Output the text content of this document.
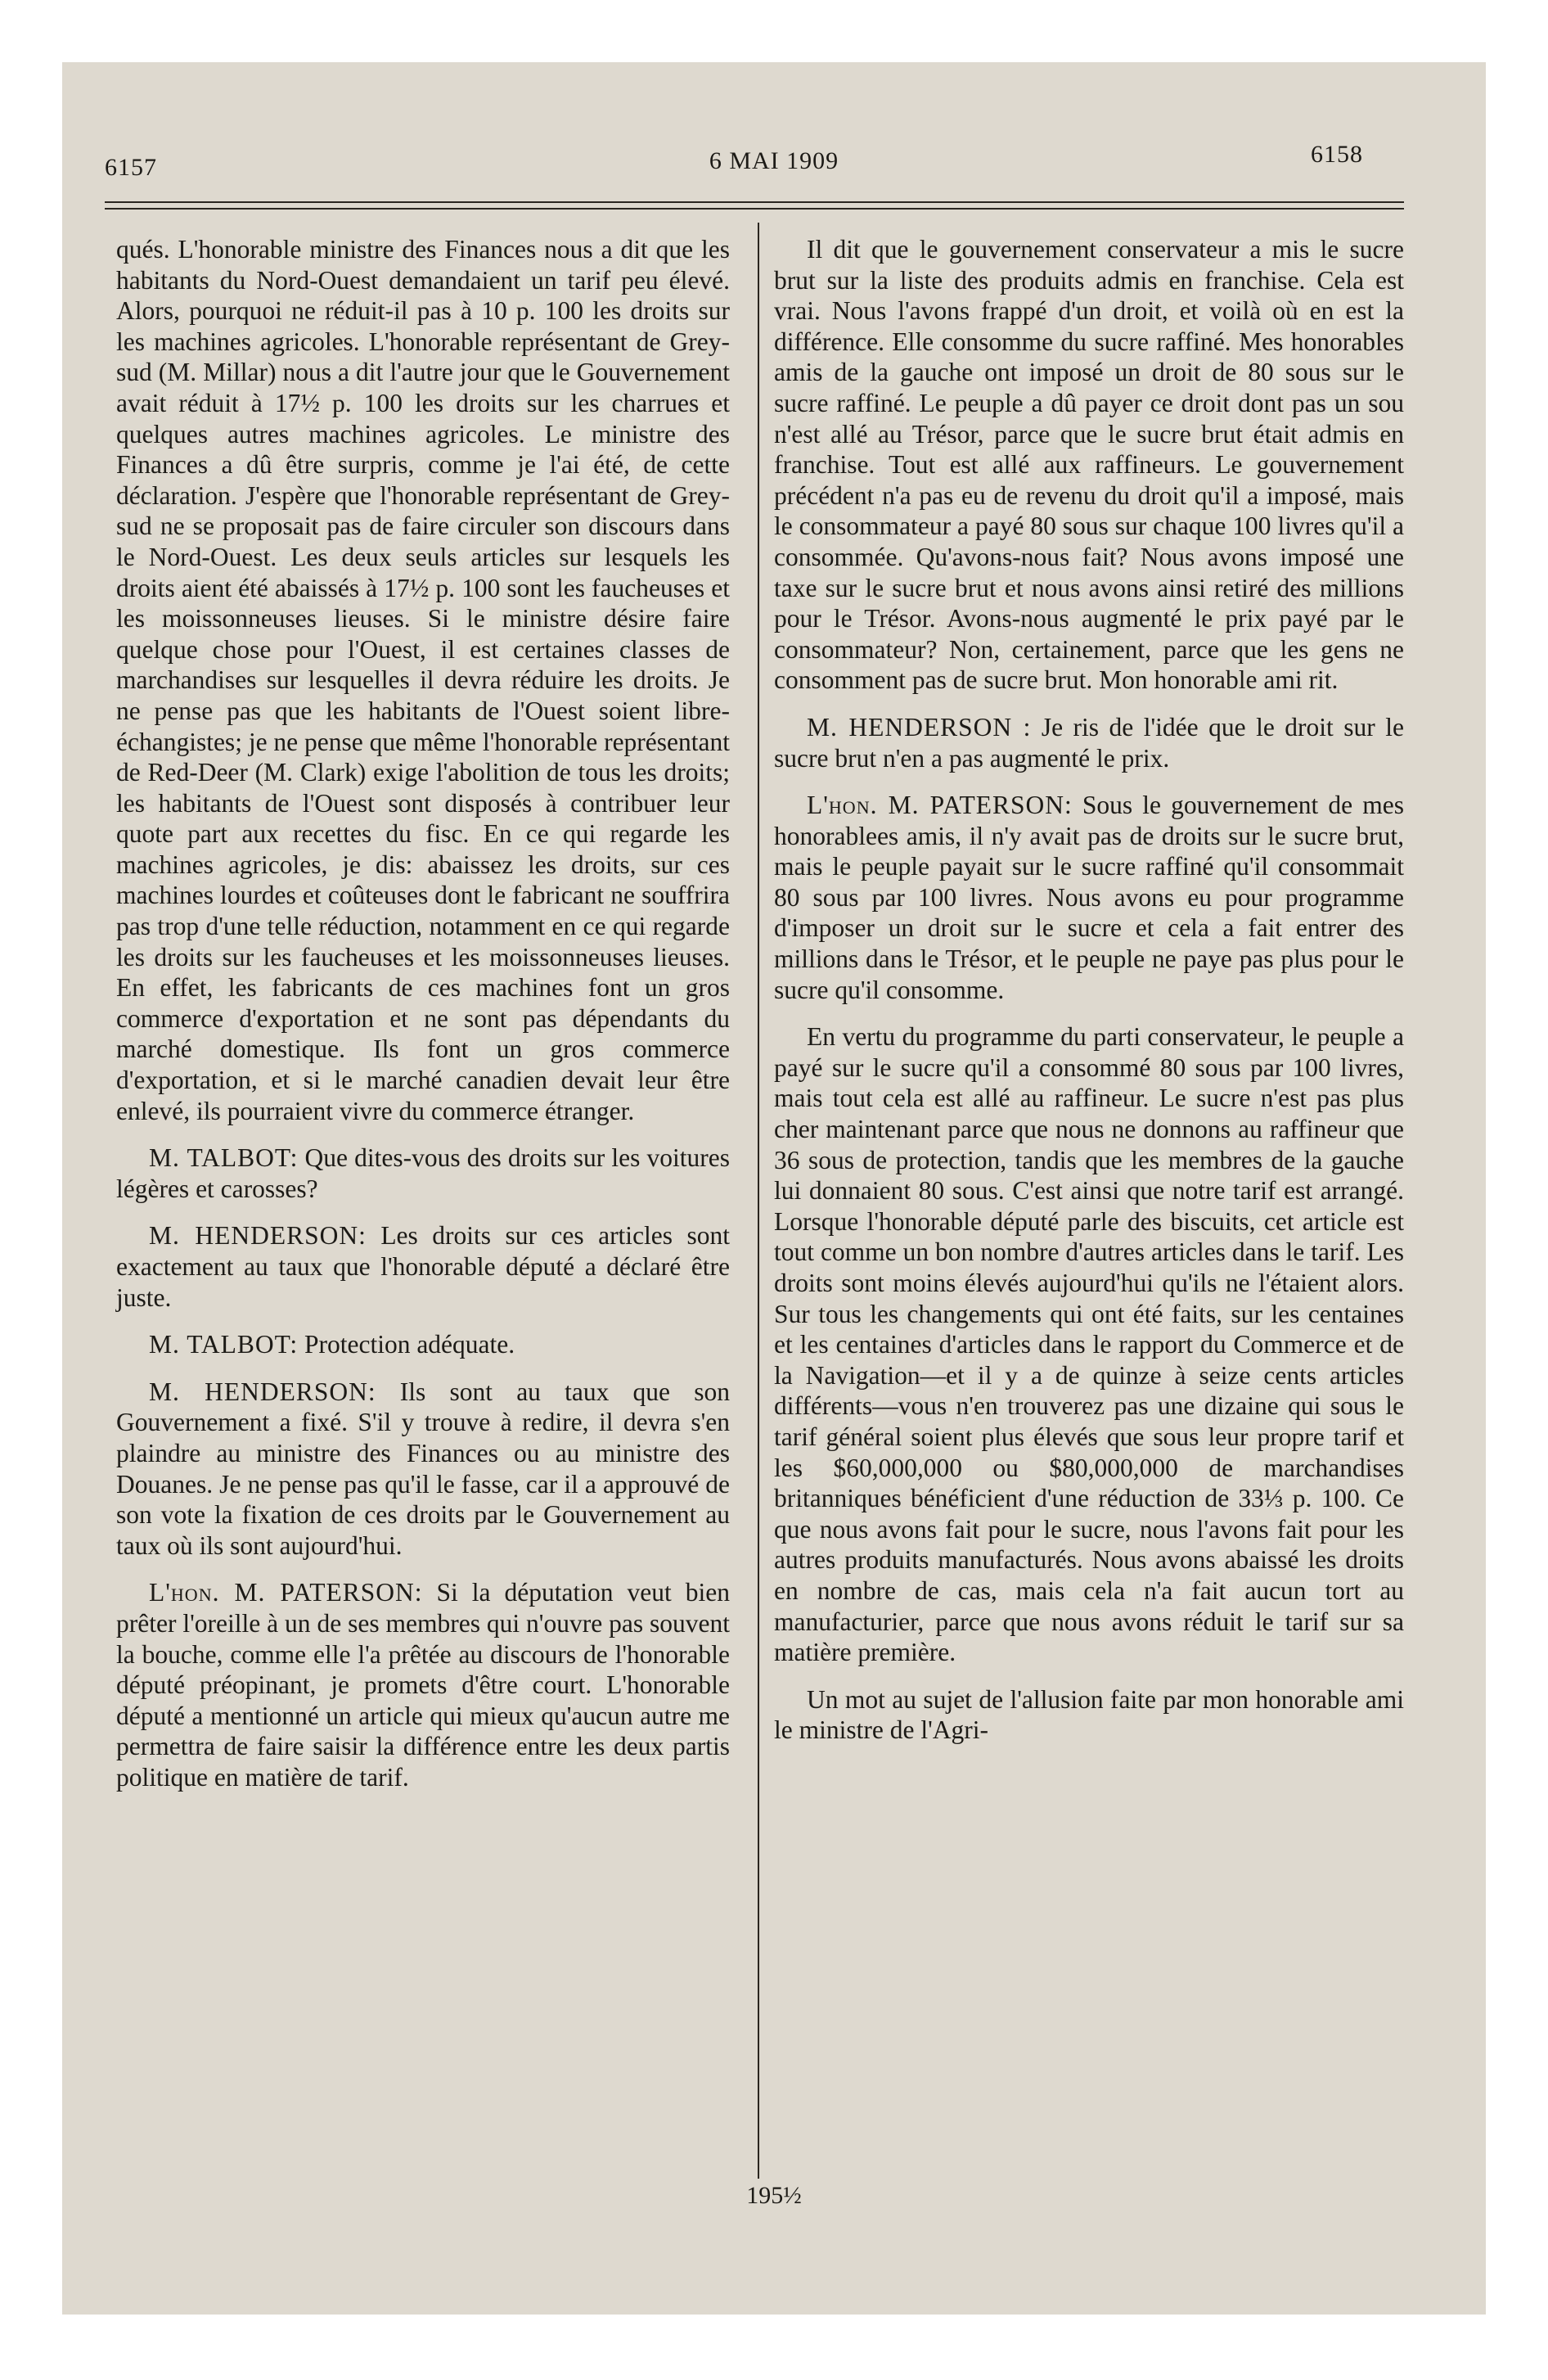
6157	6 MAI 1909	6158

qués. L'honorable ministre des Finances nous a dit que les habitants du Nord-Ouest demandaient un tarif peu élevé. Alors, pourquoi ne réduit-il pas à 10 p. 100 les droits sur les machines agricoles. L'honorable représentant de Grey-sud (M. Millar) nous a dit l'autre jour que le Gouvernement avait réduit à 17½ p. 100 les droits sur les charrues et quelques autres machines agricoles. Le ministre des Finances a dû être surpris, comme je l'ai été, de cette déclaration. J'espère que l'honorable représentant de Grey-sud ne se proposait pas de faire circuler son discours dans le Nord-Ouest. Les deux seuls articles sur lesquels les droits aient été abaissés à 17½ p. 100 sont les faucheuses et les moissonneuses lieuses. Si le ministre désire faire quelque chose pour l'Ouest, il est certaines classes de marchandises sur lesquelles il devra réduire les droits. Je ne pense pas que les habitants de l'Ouest soient libre-échangistes; je ne pense que même l'honorable représentant de Red-Deer (M. Clark) exige l'abolition de tous les droits; les habitants de l'Ouest sont disposés à contribuer leur quote part aux recettes du fisc. En ce qui regarde les machines agricoles, je dis: abaissez les droits, sur ces machines lourdes et coûteuses dont le fabricant ne souffrira pas trop d'une telle réduction, notamment en ce qui regarde les droits sur les faucheuses et les moissonneuses lieuses. En effet, les fabricants de ces machines font un gros commerce d'exportation et ne sont pas dépendants du marché domestique. Ils font un gros commerce d'exportation, et si le marché canadien devait leur être enlevé, ils pourraient vivre du commerce étranger.

M. TALBOT: Que dites-vous des droits sur les voitures légères et carosses?

M. HENDERSON: Les droits sur ces articles sont exactement au taux que l'honorable député a déclaré être juste.

M. TALBOT: Protection adéquate.

M. HENDERSON: Ils sont au taux que son Gouvernement a fixé. S'il y trouve à redire, il devra s'en plaindre au ministre des Finances ou au ministre des Douanes. Je ne pense pas qu'il le fasse, car il a approuvé de son vote la fixation de ces droits par le Gouvernement au taux où ils sont aujourd'hui.

L'hon. M. PATERSON: Si la députation veut bien prêter l'oreille à un de ses membres qui n'ouvre pas souvent la bouche, comme elle l'a prêtée au discours de l'honorable député préopinant, je promets d'être court. L'honorable député a mentionné un article qui mieux qu'aucun autre me permettra de faire saisir la différence entre les deux partis politique en matière de tarif.

Il dit que le gouvernement conservateur a mis le sucre brut sur la liste des produits admis en franchise. Cela est vrai. Nous l'avons frappé d'un droit, et voilà où en est la différence. Elle consomme du sucre raffiné. Mes honorables amis de la gauche ont imposé un droit de 80 sous sur le sucre raffiné. Le peuple a dû payer ce droit dont pas un sou n'est allé au Trésor, parce que le sucre brut était admis en franchise. Tout est allé aux raffineurs. Le gouvernement précédent n'a pas eu de revenu du droit qu'il a imposé, mais le consommateur a payé 80 sous sur chaque 100 livres qu'il a consommée. Qu'avons-nous fait? Nous avons imposé une taxe sur le sucre brut et nous avons ainsi retiré des millions pour le Trésor. Avons-nous augmenté le prix payé par le consommateur? Non, certainement, parce que les gens ne consomment pas de sucre brut. Mon honorable ami rit.

M. HENDERSON : Je ris de l'idée que le droit sur le sucre brut n'en a pas augmenté le prix.

L'hon. M. PATERSON: Sous le gouvernement de mes honorablees amis, il n'y avait pas de droits sur le sucre brut, mais le peuple payait sur le sucre raffiné qu'il consommait 80 sous par 100 livres. Nous avons eu pour programme d'imposer un droit sur le sucre et cela a fait entrer des millions dans le Trésor, et le peuple ne paye pas plus pour le sucre qu'il consomme.

En vertu du programme du parti conservateur, le peuple a payé sur le sucre qu'il a consommé 80 sous par 100 livres, mais tout cela est allé au raffineur. Le sucre n'est pas plus cher maintenant parce que nous ne donnons au raffineur que 36 sous de protection, tandis que les membres de la gauche lui donnaient 80 sous. C'est ainsi que notre tarif est arrangé. Lorsque l'honorable député parle des biscuits, cet article est tout comme un bon nombre d'autres articles dans le tarif. Les droits sont moins élevés aujourd'hui qu'ils ne l'étaient alors. Sur tous les changements qui ont été faits, sur les centaines et les centaines d'articles dans le rapport du Commerce et de la Navigation—et il y a de quinze à seize cents articles différents—vous n'en trouverez pas une dizaine qui sous le tarif général soient plus élevés que sous leur propre tarif et les $60,000,000 ou $80,000,000 de marchandises britanniques bénéficient d'une réduction de 33⅓ p. 100. Ce que nous avons fait pour le sucre, nous l'avons fait pour les autres produits manufacturés. Nous avons abaissé les droits en nombre de cas, mais cela n'a fait aucun tort au manufacturier, parce que nous avons réduit le tarif sur sa matière première.

Un mot au sujet de l'allusion faite par mon honorable ami le ministre de l'Agri-

195½
